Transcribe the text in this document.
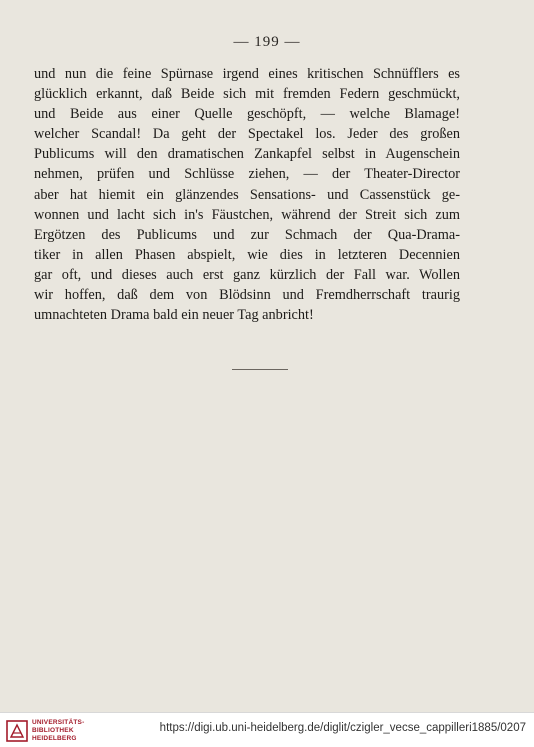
— 199 —
und nun die feine Spürnase irgend eines kritischen Schnüfflers es
glücklich erkannt, daß Beide sich mit fremden Federn geschmückt,
und Beide aus einer Quelle geschöpft, — welche Blamage!
welcher Scandal! Da geht der Spectakel los. Jeder des großen
Publicums will den dramatischen Zankapfel selbst in Augenschein
nehmen, prüfen und Schlüsse ziehen, — der Theater-Director
aber hat hiemit ein glänzendes Sensations- und Cassenstück ge-
wonnen und lacht sich in's Fäustchen, während der Streit sich zum
Ergötzen des Publicums und zur Schmach der Qua-Drama-
tiker in allen Phasen abspielt, wie dies in letzteren Decennien
gar oft, und dieses auch erst ganz kürzlich der Fall war. Wollen
wir hoffen, daß dem von Blödsinn und Fremdherrschaft traurig
umnachteten Drama bald ein neuer Tag anbricht!
UNIVERSITÄTS-
BIBLIOTHEK
HEIDELBERG
https://digi.ub.uni-heidelberg.de/diglit/czigler_vecse_cappilleri1885/0207
